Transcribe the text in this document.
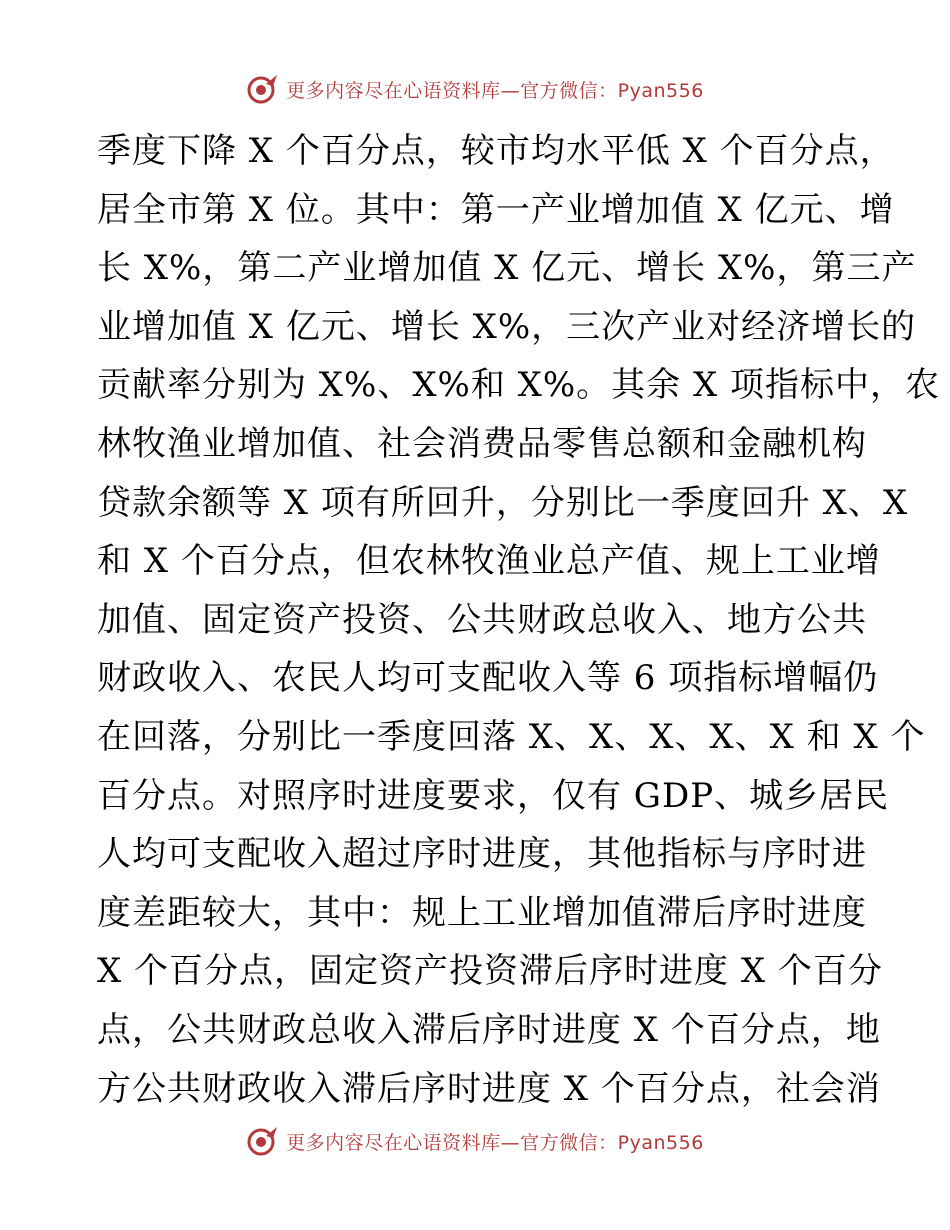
更多内容尽在心语资料库—官方微信：Pyan556
季度下降 X 个百分点，较市均水平低 X 个百分点，
居全市第 X 位。其中：第一产业增加值 X 亿元、增
长 X%，第二产业增加值 X 亿元、增长 X%，第三产
业增加值 X 亿元、增长 X%，三次产业对经济增长的
贡献率分别为 X%、X%和 X%。其余 X 项指标中，农
林牧渔业增加值、社会消费品零售总额和金融机构
贷款余额等 X 项有所回升，分别比一季度回升 X、X
和 X 个百分点，但农林牧渔业总产值、规上工业增
加值、固定资产投资、公共财政总收入、地方公共
财政收入、农民人均可支配收入等 6 项指标增幅仍
在回落，分别比一季度回落 X、X、X、X、X 和 X 个
百分点。对照序时进度要求，仅有 GDP、城乡居民
人均可支配收入超过序时进度，其他指标与序时进
度差距较大，其中：规上工业增加值滞后序时进度
X 个百分点，固定资产投资滞后序时进度 X 个百分
点，公共财政总收入滞后序时进度 X 个百分点，地
方公共财政收入滞后序时进度 X 个百分点，社会消
更多内容尽在心语资料库—官方微信：Pyan556
